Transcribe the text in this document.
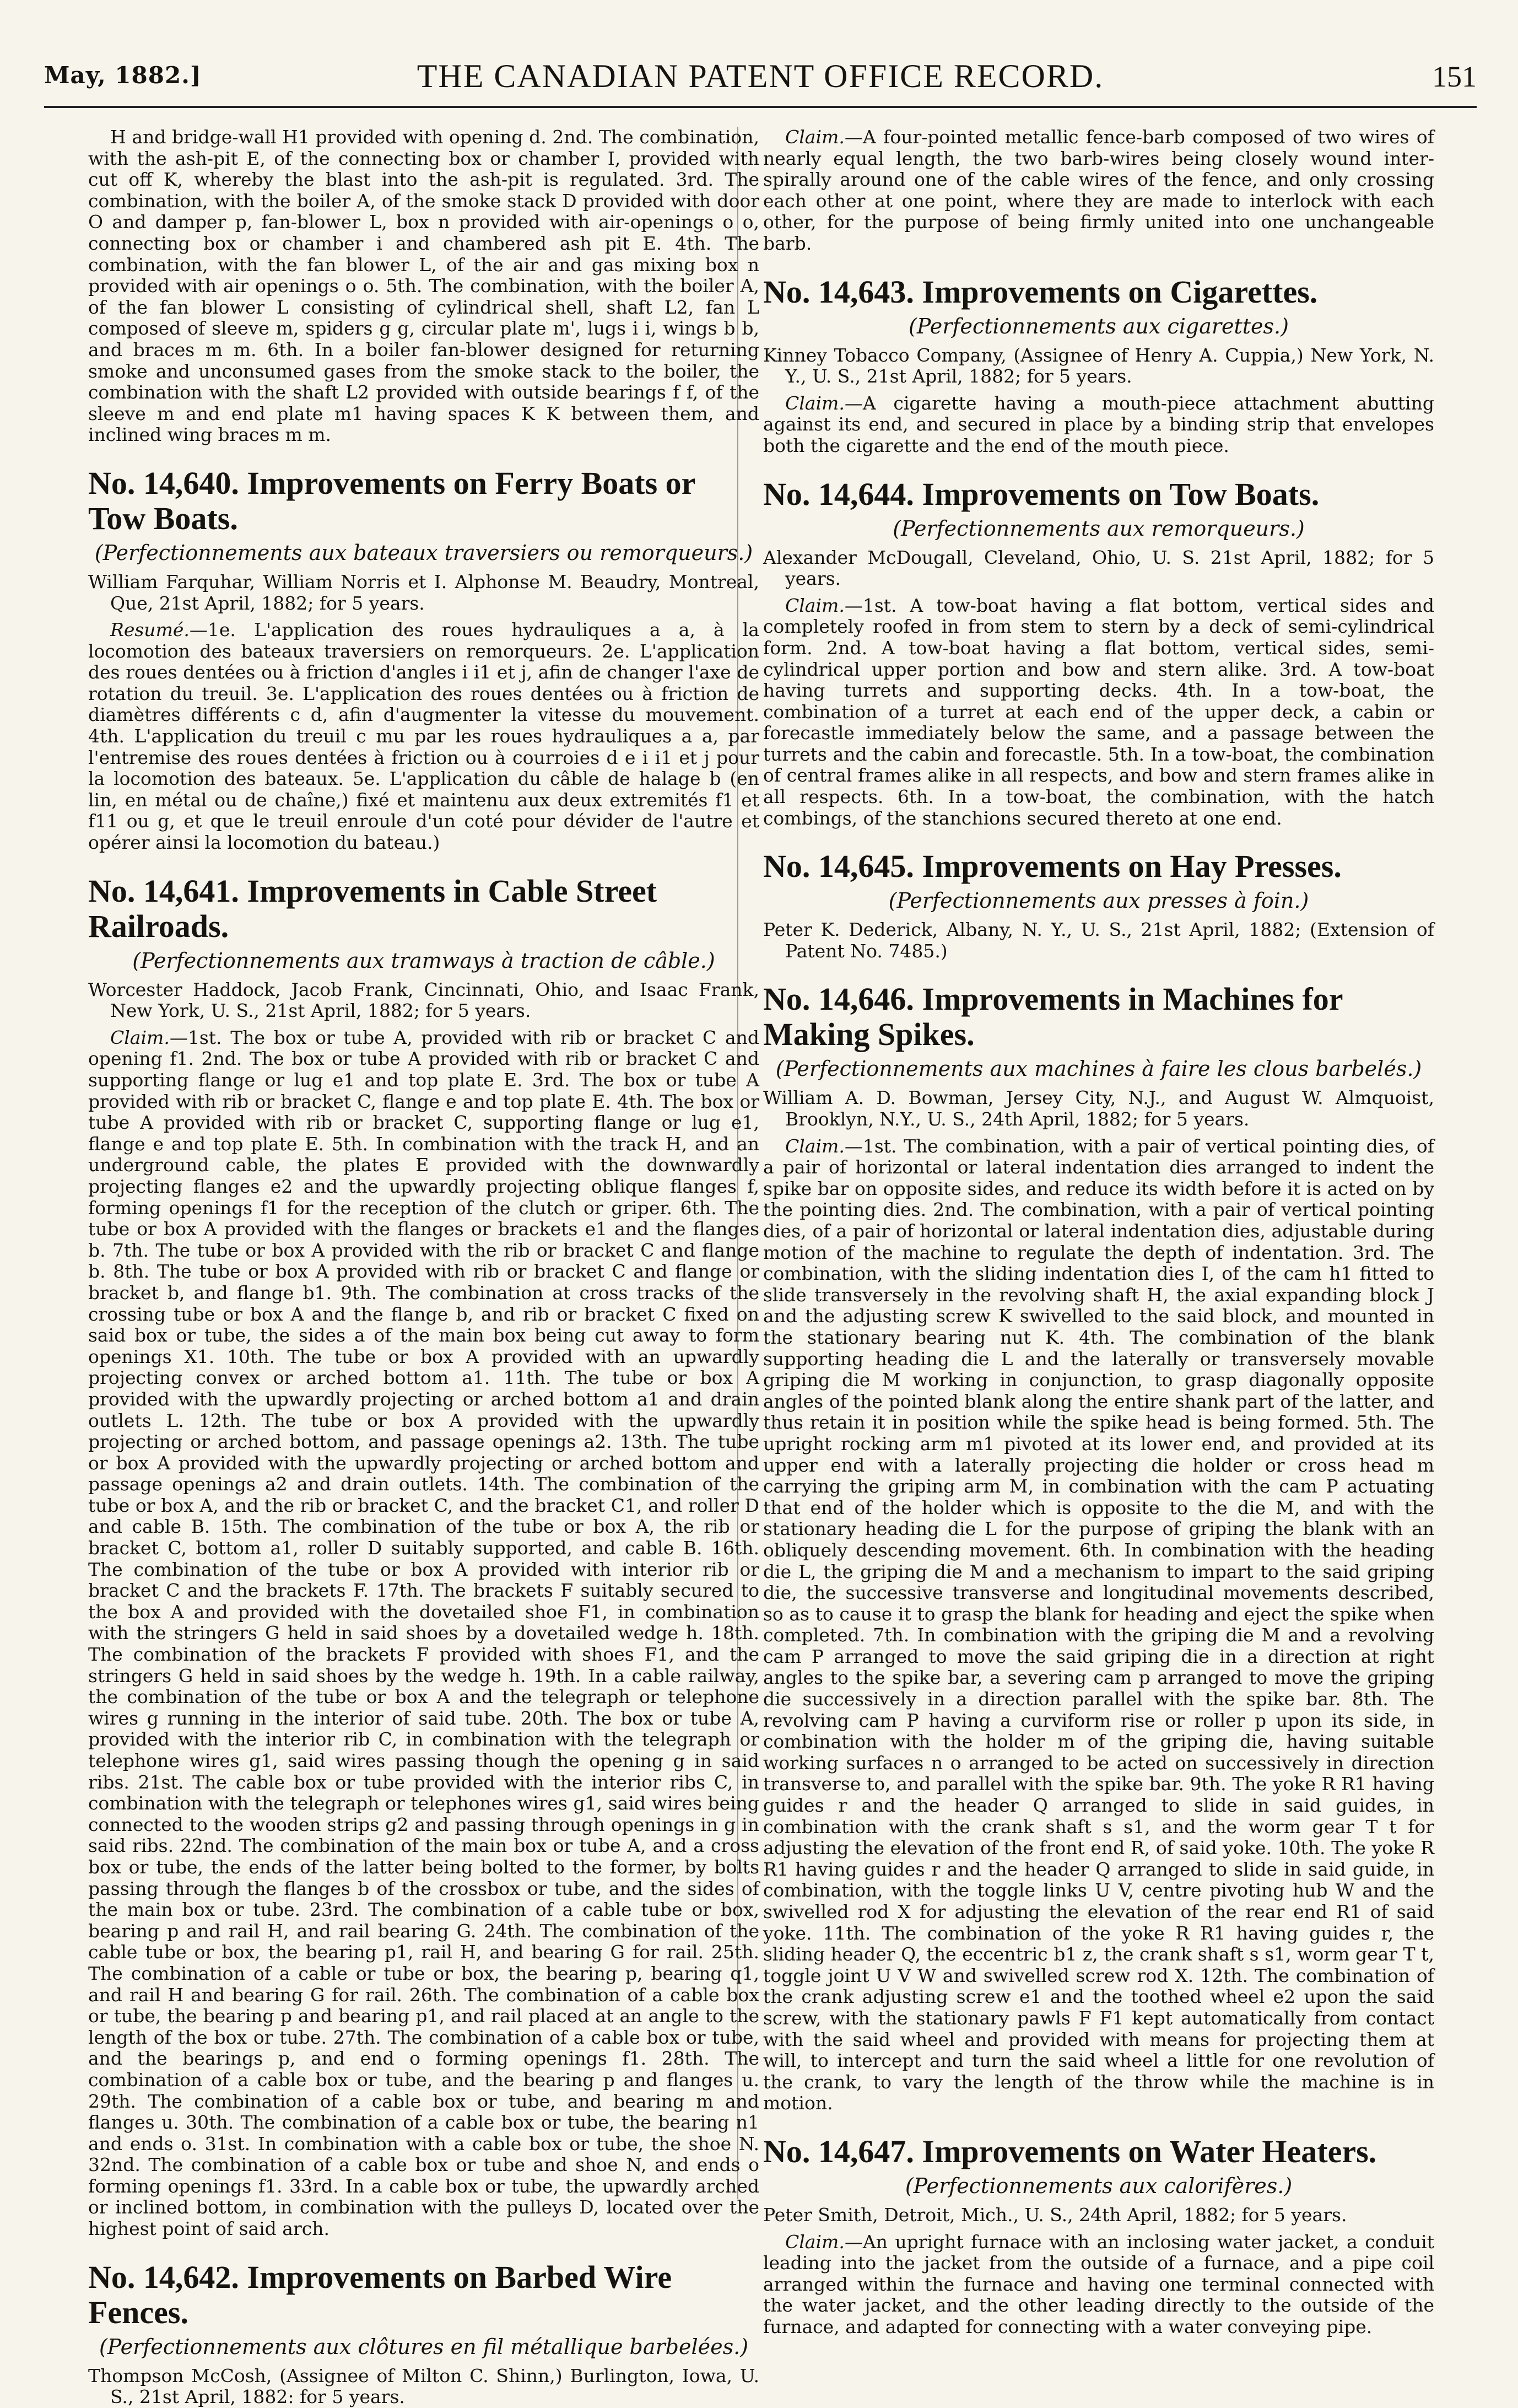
May, 1882.]	THE CANADIAN PATENT OFFICE RECORD.	151

H and bridge-wall H1 provided with opening d. 2nd. The combination, with the ash-pit E, of the connecting box or chamber I, provided with cut off K, whereby the blast into the ash-pit is regulated. 3rd. The combination, with the boiler A, of the smoke stack D provided with door O and damper p, fan-blower L, box n provided with air-openings o o, connecting box or chamber i and chambered ash pit E. 4th. The combination, with the fan blower L, of the air and gas mixing box n provided with air openings o o. 5th. The combination, with the boiler A, of the fan blower L consisting of cylindrical shell, shaft L2, fan L composed of sleeve m, spiders g g, circular plate m', lugs i i, wings b b, and braces m m. 6th. In a boiler fan-blower designed for returning smoke and unconsumed gases from the smoke stack to the boiler, the combination with the shaft L2 provided with outside bearings f f, of the sleeve m and end plate m1 having spaces K K between them, and inclined wing braces m m.

No. 14,640. Improvements on Ferry Boats or Tow Boats.
(Perfectionnements aux bateaux traversiers ou remorqueurs.)

William Farquhar, William Norris et I. Alphonse M. Beaudry, Montreal, Que, 21st April, 1882; for 5 years.

Resumé.—1e. L'application des roues hydrauliques a a, à la locomotion des bateaux traversiers on remorqueurs. 2e. L'application des roues dentées ou à friction d'angles i i1 et j, afin de changer l'axe de rotation du treuil. 3e. L'application des roues dentées ou à friction de diamètres différents c d, afin d'augmenter la vitesse du mouvement. 4th. L'application du treuil c mu par les roues hydrauliques a a, par l'entremise des roues dentées à friction ou à courroies d e i i1 et j pour la locomotion des bateaux. 5e. L'application du câble de halage b (en lin, en métal ou de chaîne,) fixé et maintenu aux deux extremités f1 et f11 ou g, et que le treuil enroule d'un coté pour dévider de l'autre et opérer ainsi la locomotion du bateau.)

No. 14,641. Improvements in Cable Street Railroads.
(Perfectionnements aux tramways à traction de câble.)

Worcester Haddock, Jacob Frank, Cincinnati, Ohio, and Isaac Frank, New York, U. S., 21st April, 1882; for 5 years.

Claim.—1st. The box or tube A, provided with rib or bracket C and opening f1. 2nd. The box or tube A provided with rib or bracket C and supporting flange or lug e1 and top plate E. 3rd. The box or tube A provided with rib or bracket C, flange e and top plate E. 4th. The box or tube A provided with rib or bracket C, supporting flange or lug e1, flange e and top plate E. 5th. In combination with the track H, and an underground cable, the plates E provided with the downwardly projecting flanges e2 and the upwardly projecting oblique flanges f, forming openings f1 for the reception of the clutch or griper. 6th. The tube or box A provided with the flanges or brackets e1 and the flanges b. 7th. The tube or box A provided with the rib or bracket C and flange b. 8th. The tube or box A provided with rib or bracket C and flange or bracket b, and flange b1. 9th. The combination at cross tracks of the crossing tube or box A and the flange b, and rib or bracket C fixed on said box or tube, the sides a of the main box being cut away to form openings X1. 10th. The tube or box A provided with an upwardly projecting convex or arched bottom a1. 11th. The tube or box A provided with the upwardly projecting or arched bottom a1 and drain outlets L. 12th. The tube or box A provided with the upwardly projecting or arched bottom, and passage openings a2. 13th. The tube or box A provided with the upwardly projecting or arched bottom and passage openings a2 and drain outlets. 14th. The combination of the tube or box A, and the rib or bracket C, and the bracket C1, and roller D and cable B. 15th. The combination of the tube or box A, the rib or bracket C, bottom a1, roller D suitably supported, and cable B. 16th. The combination of the tube or box A provided with interior rib or bracket C and the brackets F. 17th. The brackets F suitably secured to the box A and provided with the dovetailed shoe F1, in combination with the stringers G held in said shoes by a dovetailed wedge h. 18th. The combination of the brackets F provided with shoes F1, and the stringers G held in said shoes by the wedge h. 19th. In a cable railway, the combination of the tube or box A and the telegraph or telephone wires g running in the interior of said tube. 20th. The box or tube A, provided with the interior rib C, in combination with the telegraph or telephone wires g1, said wires passing though the opening g in said ribs. 21st. The cable box or tube provided with the interior ribs C, in combination with the telegraph or telephones wires g1, said wires being connected to the wooden strips g2 and passing through openings in g in said ribs. 22nd. The combination of the main box or tube A, and a cross box or tube, the ends of the latter being bolted to the former, by bolts passing through the flanges b of the crossbox or tube, and the sides of the main box or tube. 23rd. The combination of a cable tube or box, bearing p and rail H, and rail bearing G. 24th. The combination of the cable tube or box, the bearing p1, rail H, and bearing G for rail. 25th. The combination of a cable or tube or box, the bearing p, bearing q1, and rail H and bearing G for rail. 26th. The combination of a cable box or tube, the bearing p and bearing p1, and rail placed at an angle to the length of the box or tube. 27th. The combination of a cable box or tube, and the bearings p, and end o forming openings f1. 28th. The combination of a cable box or tube, and the bearing p and flanges u. 29th. The combination of a cable box or tube, and bearing m and flanges u. 30th. The combination of a cable box or tube, the bearing n1 and ends o. 31st. In combination with a cable box or tube, the shoe N. 32nd. The combination of a cable box or tube and shoe N, and ends o forming openings f1. 33rd. In a cable box or tube, the upwardly arched or inclined bottom, in combination with the pulleys D, located over the highest point of said arch.

No. 14,642. Improvements on Barbed Wire Fences.
(Perfectionnements aux clôtures en fil métallique barbelées.)

Thompson McCosh, (Assignee of Milton C. Shinn,) Burlington, Iowa, U. S., 21st April, 1882: for 5 years.

Claim.—A four-pointed metallic fence-barb composed of two wires of nearly equal length, the two barb-wires being closely wound inter-spirally around one of the cable wires of the fence, and only crossing each other at one point, where they are made to interlock with each other, for the purpose of being firmly united into one unchangeable barb.

No. 14,643. Improvements on Cigarettes.
(Perfectionnements aux cigarettes.)

Kinney Tobacco Company, (Assignee of Henry A. Cuppia,) New York, N. Y., U. S., 21st April, 1882; for 5 years.

Claim.—A cigarette having a mouth-piece attachment abutting against its end, and secured in place by a binding strip that envelopes both the cigarette and the end of the mouth piece.

No. 14,644. Improvements on Tow Boats.
(Perfectionnements aux remorqueurs.)

Alexander McDougall, Cleveland, Ohio, U. S. 21st April, 1882; for 5 years.

Claim.—1st. A tow-boat having a flat bottom, vertical sides and completely roofed in from stem to stern by a deck of semi-cylindrical form. 2nd. A tow-boat having a flat bottom, vertical sides, semi-cylindrical upper portion and bow and stern alike. 3rd. A tow-boat having turrets and supporting decks. 4th. In a tow-boat, the combination of a turret at each end of the upper deck, a cabin or forecastle immediately below the same, and a passage between the turrets and the cabin and forecastle. 5th. In a tow-boat, the combination of central frames alike in all respects, and bow and stern frames alike in all respects. 6th. In a tow-boat, the combination, with the hatch combings, of the stanchions secured thereto at one end.

No. 14,645. Improvements on Hay Presses.
(Perfectionnements aux presses à foin.)

Peter K. Dederick, Albany, N. Y., U. S., 21st April, 1882; (Extension of Patent No. 7485.)

No. 14,646. Improvements in Machines for Making Spikes.
(Perfectionnements aux machines à faire les clous barbelés.)

William A. D. Bowman, Jersey City, N.J., and August W. Almquoist, Brooklyn, N.Y., U. S., 24th April, 1882; for 5 years.

Claim.—1st. The combination, with a pair of vertical pointing dies, of a pair of horizontal or lateral indentation dies arranged to indent the spike bar on opposite sides, and reduce its width before it is acted on by the pointing dies. 2nd. The combination, with a pair of vertical pointing dies, of a pair of horizontal or lateral indentation dies, adjustable during motion of the machine to regulate the depth of indentation. 3rd. The combination, with the sliding indentation dies I, of the cam h1 fitted to slide transversely in the revolving shaft H, the axial expanding block J and the adjusting screw K swivelled to the said block, and mounted in the stationary bearing nut K. 4th. The combination of the blank supporting heading die L and the laterally or transversely movable griping die M working in conjunction, to grasp diagonally opposite angles of the pointed blank along the entire shank part of the latter, and thus retain it in position while the spike head is being formed. 5th. The upright rocking arm m1 pivoted at its lower end, and provided at its upper end with a laterally projecting die holder or cross head m carrying the griping arm M, in combination with the cam P actuating that end of the holder which is opposite to the die M, and with the stationary heading die L for the purpose of griping the blank with an obliquely descending movement. 6th. In combination with the heading die L, the griping die M and a mechanism to impart to the said griping die, the successive transverse and longitudinal movements described, so as to cause it to grasp the blank for heading and eject the spike when completed. 7th. In combination with the griping die M and a revolving cam P arranged to move the said griping die in a direction at right angles to the spike bar, a severing cam p arranged to move the griping die successively in a direction parallel with the spike bar. 8th. The revolving cam P having a curviform rise or roller p upon its side, in combination with the holder m of the griping die, having suitable working surfaces n o arranged to be acted on successively in direction transverse to, and parallel with the spike bar. 9th. The yoke R R1 having guides r and the header Q arranged to slide in said guides, in combination with the crank shaft s s1, and the worm gear T t for adjusting the elevation of the front end R, of said yoke. 10th. The yoke R R1 having guides r and the header Q arranged to slide in said guide, in combination, with the toggle links U V, centre pivoting hub W and the swivelled rod X for adjusting the elevation of the rear end R1 of said yoke. 11th. The combination of the yoke R R1 having guides r, the sliding header Q, the eccentric b1 z, the crank shaft s s1, worm gear T t, toggle joint U V W and swivelled screw rod X. 12th. The combination of the crank adjusting screw e1 and the toothed wheel e2 upon the said screw, with the stationary pawls F F1 kept automatically from contact with the said wheel and provided with means for projecting them at will, to intercept and turn the said wheel a little for one revolution of the crank, to vary the length of the throw while the machine is in motion.

No. 14,647. Improvements on Water Heaters.
(Perfectionnements aux calorifères.)

Peter Smith, Detroit, Mich., U. S., 24th April, 1882; for 5 years.

Claim.—An upright furnace with an inclosing water jacket, a conduit leading into the jacket from the outside of a furnace, and a pipe coil arranged within the furnace and having one terminal connected with the water jacket, and the other leading directly to the outside of the furnace, and adapted for connecting with a water conveying pipe.
